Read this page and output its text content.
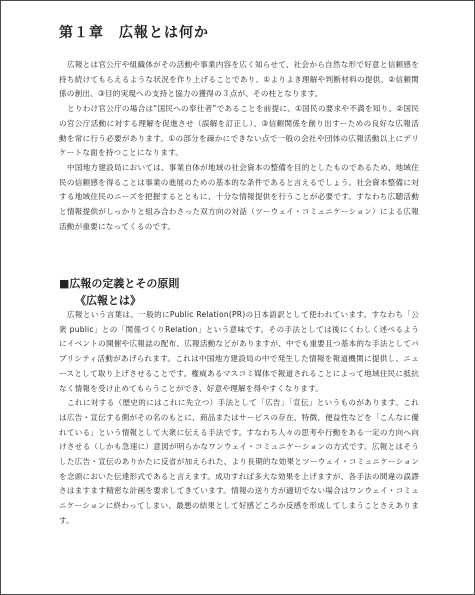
第１章　広報とは何か

広報とは官公庁や組織体がその活動や事業内容を広く知らせて、社会から自然な形で好意と信頼感を持ち続けてもらえるような状況を作り上げることであり、①よりよき理解や判断材料の提供、②信頼関係の創出、③目的実現への支持と協力の獲得の３点が、その柱となります。

とりわけ官公庁の場合は“国民への奉仕者”であることを前提に、①国民の要求や不満を知り、②国民の官公庁活動に対する理解を促進させ（誤解を訂正し）、③信頼関係を創り出すーための良好な広報活動を常に行う必要があります。①の部分を疎かにできない点で一般の会社や団体の広報活動以上にデリケートな面を持つことになります。

中国地方建設局においては、事業自体が地域の社会資本の整備を目的としたものであるため、地域住民の信頼感を得ることは事業の進展のための基本的な条件であると言えるでしょう。社会資本整備に対する地域住民のニーズを把握するとともに、十分な情報提供を行うことが必要です。すなわち広聴活動と情報提供がしっかりと組み合わさった双方向の対話（ツーウェイ・コミュニケーション）による広報活動が重要になってくるのです。

■広報の定義とその原則
《広報とは》

広報という言葉は、一般的にPublic Relation(PR)の日本語訳として使われています。すなわち「公衆 public」との「関係づくりRelation」という意味です。その手法としては後にくわしく述べるようにイベントの開催や広報誌の配布、広報活動などがありますが、中でも重要且つ基本的な手法としてパブリシティ活動があげられます。これは中国地方建設局の中で発生した情報を報道機関に提供し、ニュースとして取り上げさせることです。権威あるマスコミ媒体で報道されることによって地域住民に抵抗なく情報を受け止めてもらうことができ、好意や理解を得やすくなります。

これに対する（歴史的にはこれに先立つ）手法として「広告」「宣伝」というものがあります。これは広告・宣伝する側がその名のもとに、商品またはサービスの存在、特徴、便益性などを「こんなに優れている」という情報として大衆に伝える手法です。すなわち人々の思考や行動をある一定の方向へ向けさせる（しかも急速に）意図が明らかなワンウェイ・コミュニケーションの方式です。広報とはそうした広告・宣伝のありかたに反省が加えられた、より長期的な効果とツーウェイ・コミュニケーションを念頭においた伝達形式であると言えます。成功すれば多大な効果を上げますが、各手法の間違の誤謬さはますます精密な計画を要求してきています。情報の送り方が適切でない場合はワンウェイ・コミュニケーションに終わってしまい、最悪の結果として好感どころか反感を形成してしまうことさえあります。
